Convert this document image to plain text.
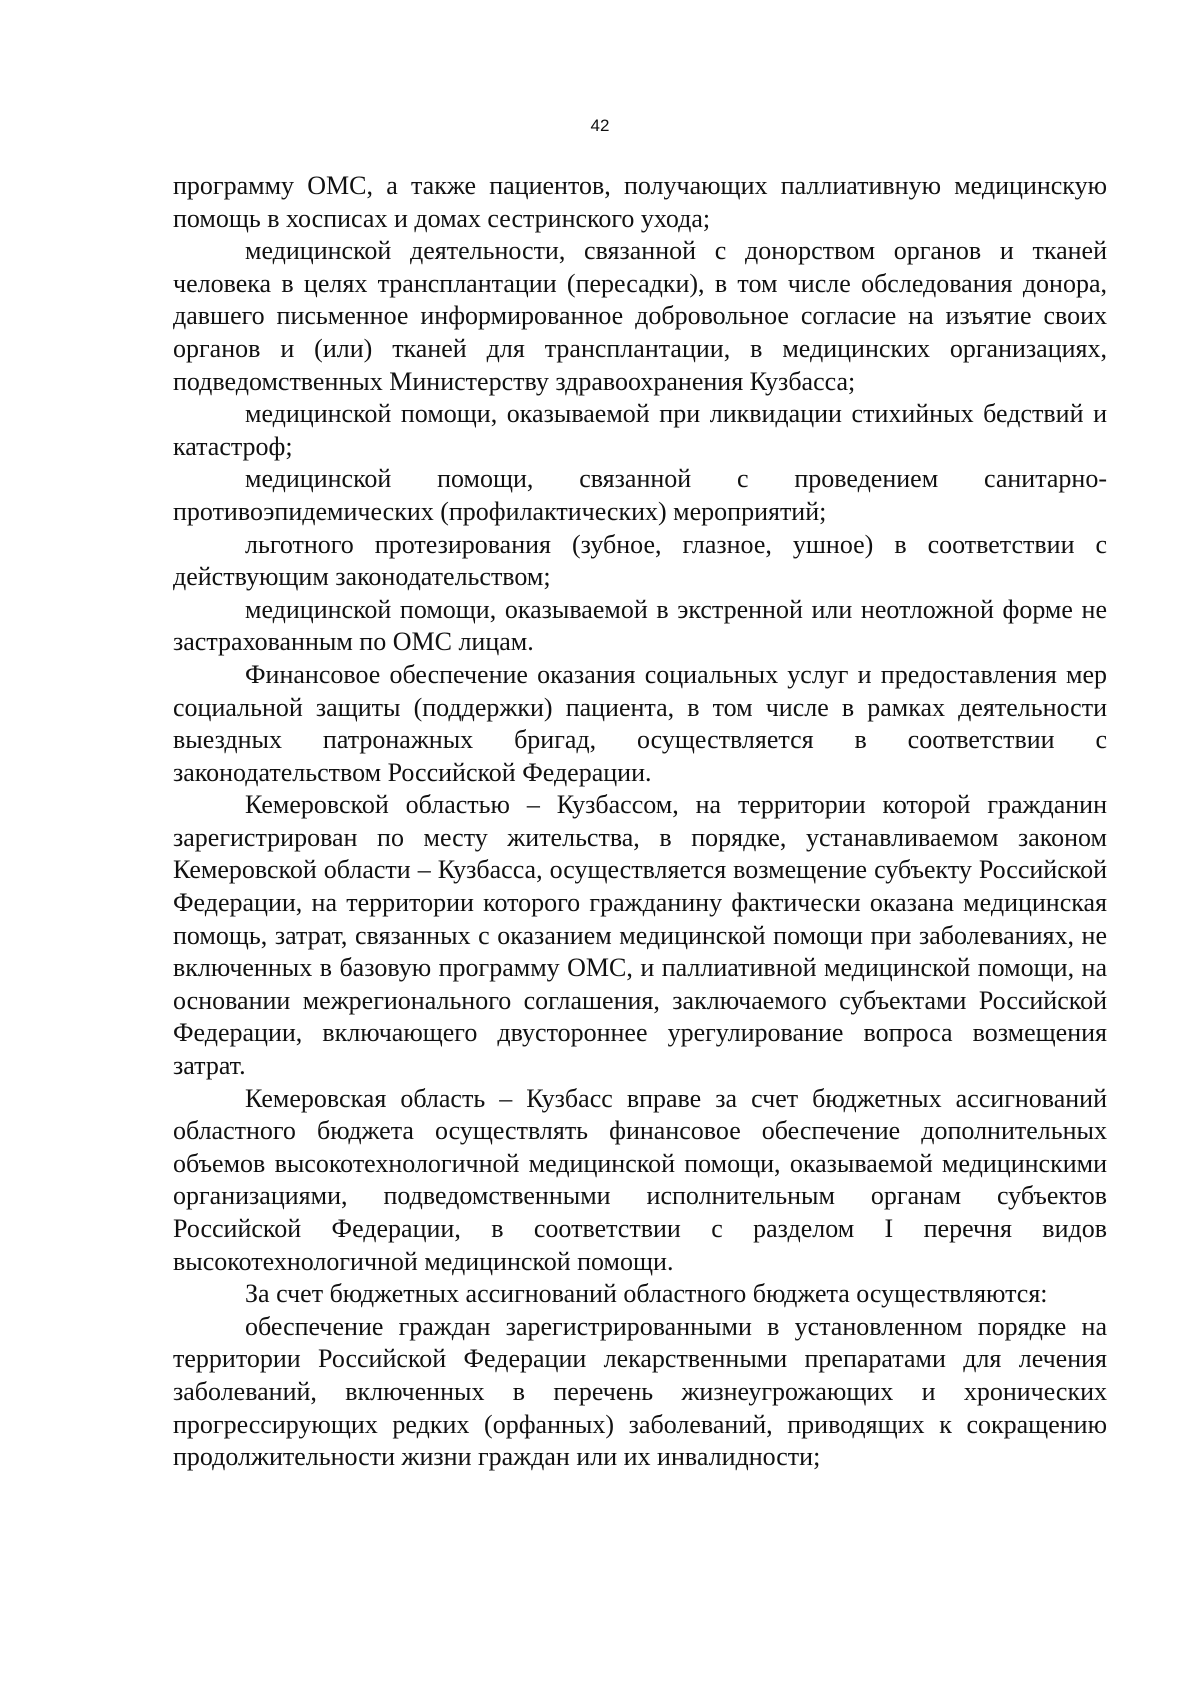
42

программу ОМС, а также пациентов, получающих паллиативную медицинскую помощь в хосписах и домах сестринского ухода;

медицинской деятельности, связанной с донорством органов и тканей человека в целях трансплантации (пересадки), в том числе обследования донора, давшего письменное информированное добровольное согласие на изъятие своих органов и (или) тканей для трансплантации, в медицинских организациях, подведомственных Министерству здравоохранения Кузбасса;

медицинской помощи, оказываемой при ликвидации стихийных бедствий и катастроф;

медицинской помощи, связанной с проведением санитарно-противоэпидемических (профилактических) мероприятий;

льготного протезирования (зубное, глазное, ушное) в соответствии с действующим законодательством;

медицинской помощи, оказываемой в экстренной или неотложной форме не застрахованным по ОМС лицам.

Финансовое обеспечение оказания социальных услуг и предоставления мер социальной защиты (поддержки) пациента, в том числе в рамках деятельности выездных патронажных бригад, осуществляется в соответствии с законодательством Российской Федерации.

Кемеровской областью – Кузбассом, на территории которой гражданин зарегистрирован по месту жительства, в порядке, устанавливаемом законом Кемеровской области – Кузбасса, осуществляется возмещение субъекту Российской Федерации, на территории которого гражданину фактически оказана медицинская помощь, затрат, связанных с оказанием медицинской помощи при заболеваниях, не включенных в базовую программу ОМС, и паллиативной медицинской помощи, на основании межрегионального соглашения, заключаемого субъектами Российской Федерации, включающего двустороннее урегулирование вопроса возмещения затрат.

Кемеровская область – Кузбасс вправе за счет бюджетных ассигнований областного бюджета осуществлять финансовое обеспечение дополнительных объемов высокотехнологичной медицинской помощи, оказываемой медицинскими организациями, подведомственными исполнительным органам субъектов Российской Федерации, в соответствии с разделом I перечня видов высокотехнологичной медицинской помощи.

За счет бюджетных ассигнований областного бюджета осуществляются:

обеспечение граждан зарегистрированными в установленном порядке на территории Российской Федерации лекарственными препаратами для лечения заболеваний, включенных в перечень жизнеугрожающих и хронических прогрессирующих редких (орфанных) заболеваний, приводящих к сокращению продолжительности жизни граждан или их инвалидности;
